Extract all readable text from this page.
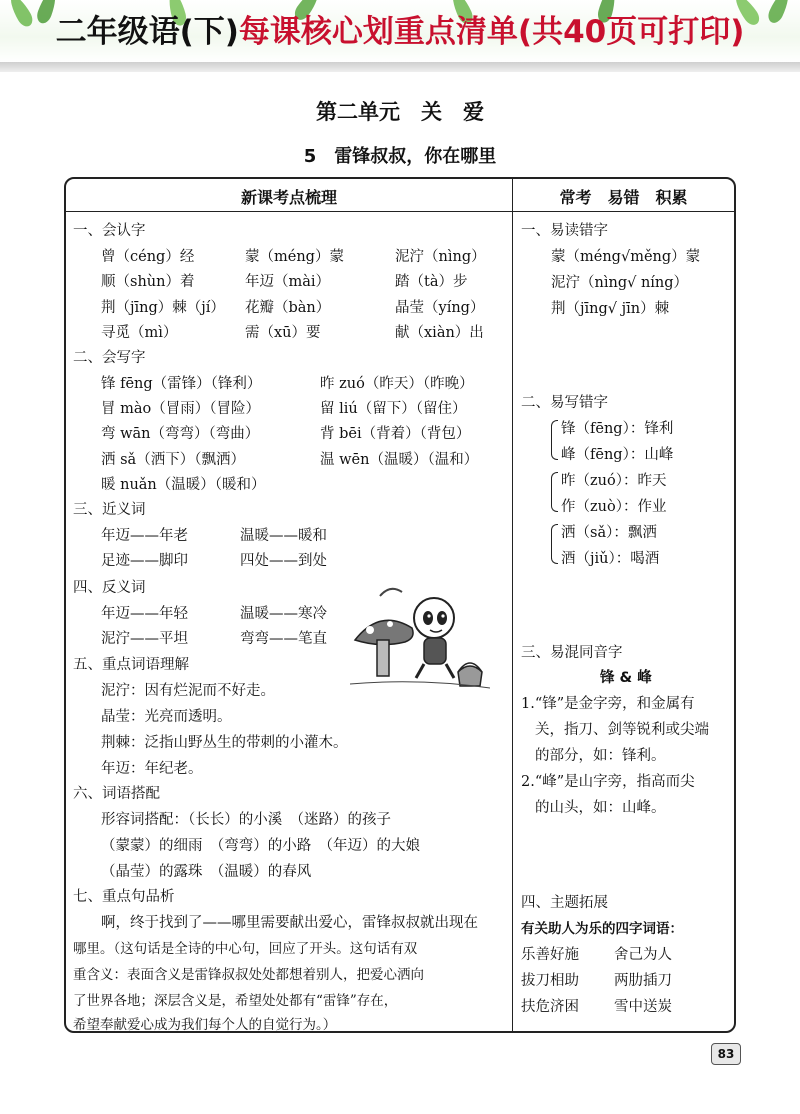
二年级语(下)每课核心划重点清单(共40页可打印)
第二单元　关　爱
5　雷锋叔叔，你在哪里
新课考点梳理	常考　易错　积累
一、会认字
曾（céng）经	蒙（méng）蒙	泥泞（nìng）
顺（shùn）着	年迈（mài）	踏（tà）步
荆（jīng）棘（jí） 花瓣（bàn）	晶莹（yíng）
寻觅（mì）	需（xū）要	献（xiàn）出
二、会写字
锋 fēng（雷锋）（锋利）	昨 zuó（昨天）（昨晚）
冒 mào（冒雨）（冒险）	留 liú（留下）（留住）
弯 wān（弯弯）（弯曲）	背 bēi（背着）（背包）
洒 sǎ（洒下）（飘洒）	温 wēn（温暖）（温和）
暖 nuǎn（温暖）（暖和）
三、近义词
年迈——年老	温暖——暖和
足迹——脚印	四处——到处
四、反义词
年迈——年轻	温暖——寒冷
泥泞——平坦	弯弯——笔直
五、重点词语理解
泥泞：因有烂泥而不好走。
晶莹：光亮而透明。
荆棘：泛指山野丛生的带刺的小灌木。
年迈：年纪老。
六、词语搭配
形容词搭配：（长长）的小溪　（迷路）的孩子
（蒙蒙）的细雨　（弯弯）的小路　（年迈）的大娘
（晶莹）的露珠　（温暖）的春风
七、重点句品析
啊，终于找到了——哪里需要献出爱心，雷锋叔叔就出现在
哪里。（这句话是全诗的中心句，回应了开头。这句话有双
重含义：表面含义是雷锋叔叔处处都想着别人，把爱心洒向
了世界各地；深层含义是，希望处处都有“雷锋”存在，
希望奉献爱心成为我们每个人的自觉行为。）
一、易读错字
蒙（méng√měng）蒙
泥泞（nìng√ níng）
荆（jīng√ jīn）棘
二、易写错字
锋（fēng）：锋利
峰（fēng）：山峰
昨（zuó）：昨天
作（zuò）：作业
洒（sǎ）：飘洒
酒（jiǔ）：喝酒
三、易混同音字
锋 & 峰
1.“锋”是金字旁，和金属有
关，指刀、剑等锐利或尖端
的部分，如：锋利。
2.“峰”是山字旁，指高而尖
的山头，如：山峰。
四、主题拓展
有关助人为乐的四字词语：
乐善好施 舍己为人
拔刀相助 两肋插刀
扶危济困 雪中送炭
83
